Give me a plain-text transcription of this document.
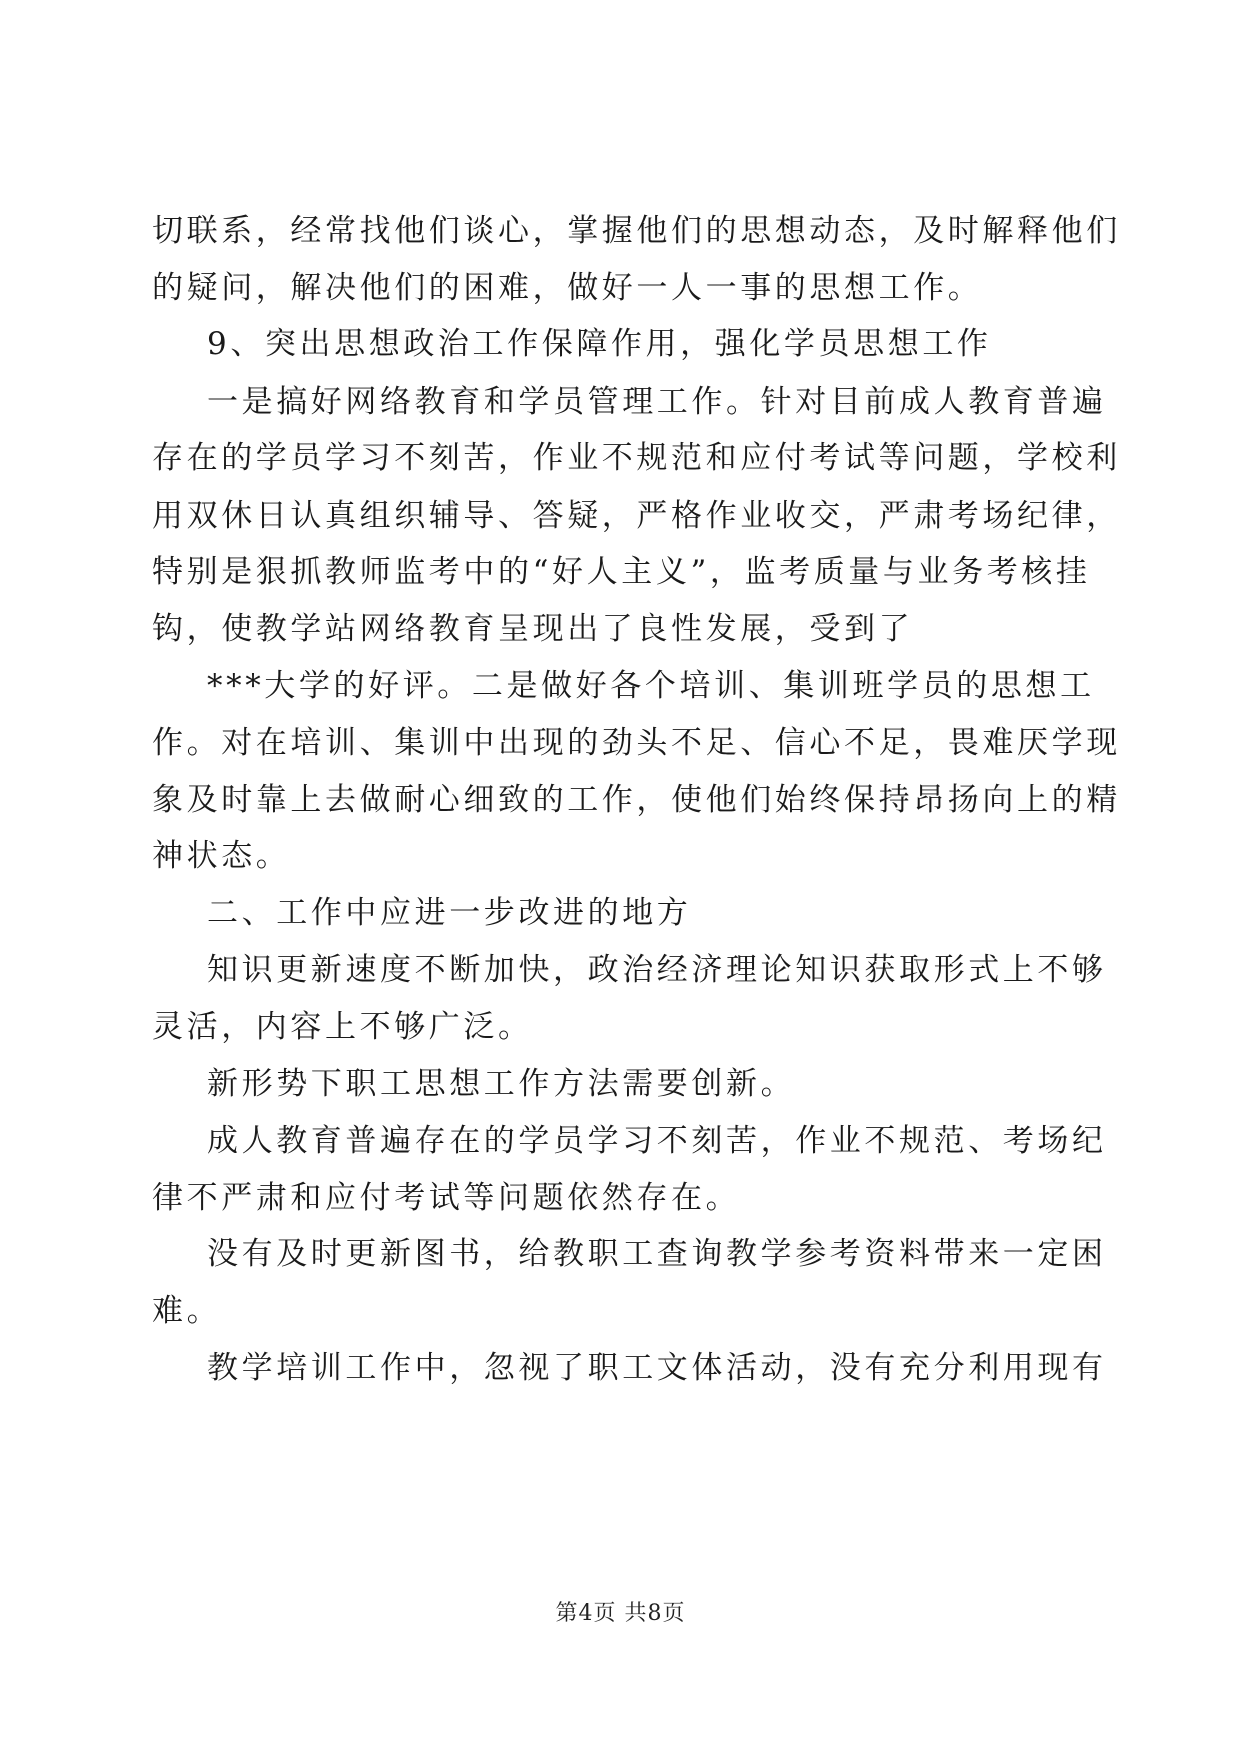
切联系，经常找他们谈心，掌握他们的思想动态，及时解释他们
的疑问，解决他们的困难，做好一人一事的思想工作。
9、突出思想政治工作保障作用，强化学员思想工作
一是搞好网络教育和学员管理工作。针对目前成人教育普遍
存在的学员学习不刻苦，作业不规范和应付考试等问题，学校利
用双休日认真组织辅导、答疑，严格作业收交，严肃考场纪律，
特别是狠抓教师监考中的“好人主义”，监考质量与业务考核挂
钩，使教学站网络教育呈现出了良性发展，受到了
***大学的好评。二是做好各个培训、集训班学员的思想工
作。对在培训、集训中出现的劲头不足、信心不足，畏难厌学现
象及时靠上去做耐心细致的工作，使他们始终保持昂扬向上的精
神状态。
二、工作中应进一步改进的地方
知识更新速度不断加快，政治经济理论知识获取形式上不够
灵活，内容上不够广泛。
新形势下职工思想工作方法需要创新。
成人教育普遍存在的学员学习不刻苦，作业不规范、考场纪
律不严肃和应付考试等问题依然存在。
没有及时更新图书，给教职工查询教学参考资料带来一定困
难。
教学培训工作中，忽视了职工文体活动，没有充分利用现有
第4页 共8页
